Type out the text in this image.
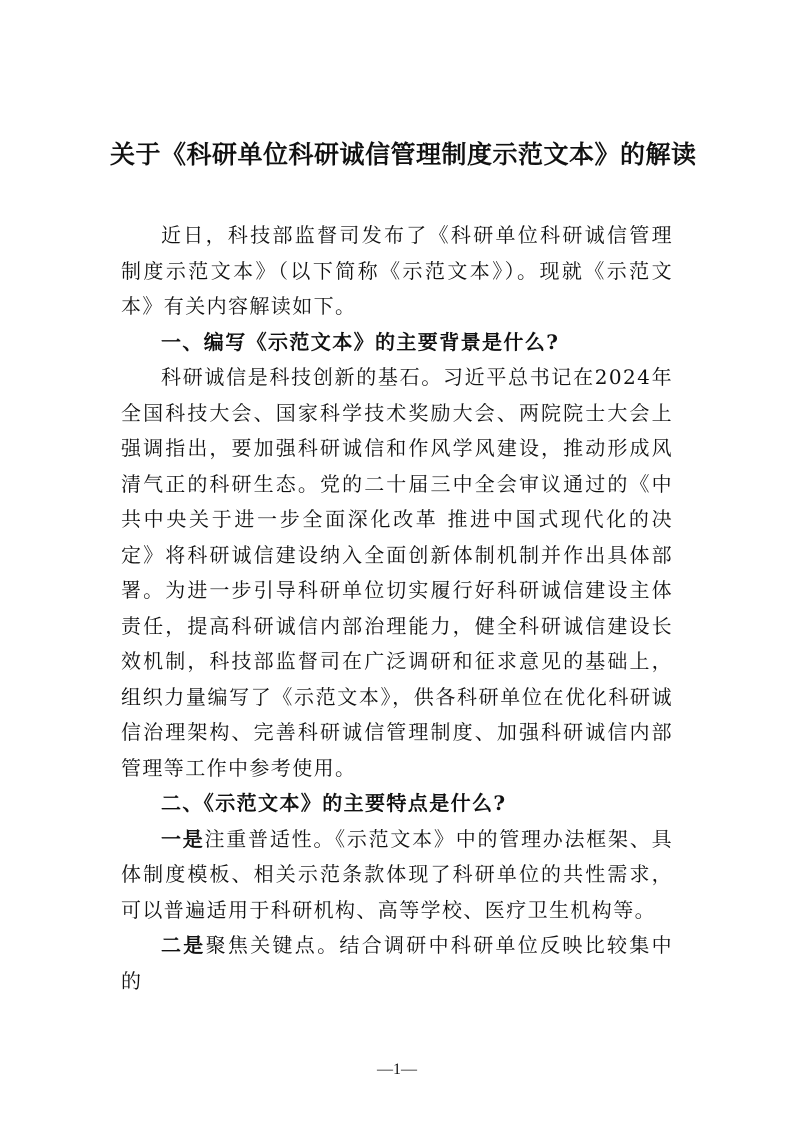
关于《科研单位科研诚信管理制度示范文本》的解读

近日，科技部监督司发布了《科研单位科研诚信管理制度示范文本》（以下简称《示范文本》）。现就《示范文本》有关内容解读如下。

一、编写《示范文本》的主要背景是什么?

科研诚信是科技创新的基石。习近平总书记在2024年全国科技大会、国家科学技术奖励大会、两院院士大会上强调指出，要加强科研诚信和作风学风建设，推动形成风清气正的科研生态。党的二十届三中全会审议通过的《中共中央关于进一步全面深化改革 推进中国式现代化的决定》将科研诚信建设纳入全面创新体制机制并作出具体部署。为进一步引导科研单位切实履行好科研诚信建设主体责任，提高科研诚信内部治理能力，健全科研诚信建设长效机制，科技部监督司在广泛调研和征求意见的基础上，组织力量编写了《示范文本》，供各科研单位在优化科研诚信治理架构、完善科研诚信管理制度、加强科研诚信内部管理等工作中参考使用。

二、《示范文本》的主要特点是什么?

一是注重普适性。《示范文本》中的管理办法框架、具体制度模板、相关示范条款体现了科研单位的共性需求，可以普遍适用于科研机构、高等学校、医疗卫生机构等。

二是聚焦关键点。结合调研中科研单位反映比较集中的

—1—
